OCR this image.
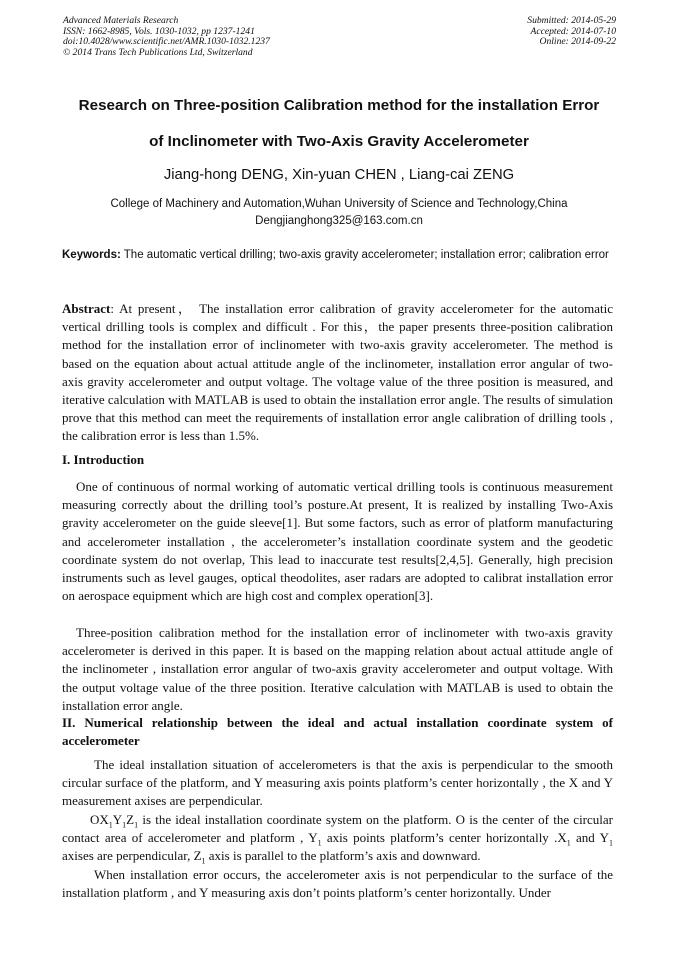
Advanced Materials Research
ISSN: 1662-8985, Vols. 1030-1032, pp 1237-1241
doi:10.4028/www.scientific.net/AMR.1030-1032.1237
© 2014 Trans Tech Publications Ltd, Switzerland
Submitted: 2014-05-29
Accepted: 2014-07-10
Online: 2014-09-22
Research on Three-position Calibration method for the installation Error
of Inclinometer with Two-Axis Gravity Accelerometer
Jiang-hong DENG, Xin-yuan CHEN , Liang-cai ZENG
College of Machinery and Automation,Wuhan University of Science and Technology,China
Dengjianghong325@163.com.cn
Keywords: The automatic vertical drilling; two-axis gravity accelerometer; installation error; calibration error
Abstract: At present， The installation error calibration of gravity accelerometer for the automatic vertical drilling tools is complex and difficult . For this，the paper presents three-position calibration method for the installation error of inclinometer with two-axis gravity accelerometer. The method is based on the equation about actual attitude angle of the inclinometer, installation error angular of two-axis gravity accelerometer and output voltage. The voltage value of the three position is measured, and iterative calculation with MATLAB is used to obtain the installation error angle. The results of simulation prove that this method can meet the requirements of installation error angle calibration of drilling tools , the calibration error is less than 1.5%.
I. Introduction
One of continuous of normal working of automatic vertical drilling tools is continuous measurement measuring correctly about the drilling tool’s posture.At present, It is realized by installing Two-Axis gravity accelerometer on the guide sleeve[1]. But some factors, such as error of platform manufacturing and accelerometer installation , the accelerometer’s installation coordinate system and the geodetic coordinate system do not overlap, This lead to inaccurate test results[2,4,5]. Generally, high precision instruments such as level gauges, optical theodolites, aser radars are adopted to calibrat installation error on aerospace equipment which are high cost and complex operation[3].
Three-position calibration method for the installation error of inclinometer with two-axis gravity accelerometer is derived in this paper. It is based on the mapping relation about actual attitude angle of the inclinometer , installation error angular of two-axis gravity accelerometer and output voltage. With the output voltage value of the three position. Iterative calculation with MATLAB is used to obtain the installation error angle.
II. Numerical relationship between the ideal and actual installation coordinate system of accelerometer
The ideal installation situation of accelerometers is that the axis is perpendicular to the smooth circular surface of the platform, and Y measuring axis points platform’s center horizontally , the X and Y measurement axises are perpendicular.
$OX_1Y_1Z_1$ is the ideal installation coordinate system on the platform. O is the center of the circular contact area of accelerometer and platform , $Y_1$ axis points platform’s center horizontally $.X_1$ and $Y_1$ axises are perpendicular, $Z_1$ axis is parallel to the platform’s axis and downward.
When installation error occurs, the accelerometer axis is not perpendicular to the surface of the installation platform , and Y measuring axis don’t points platform’s center horizontally. Under
